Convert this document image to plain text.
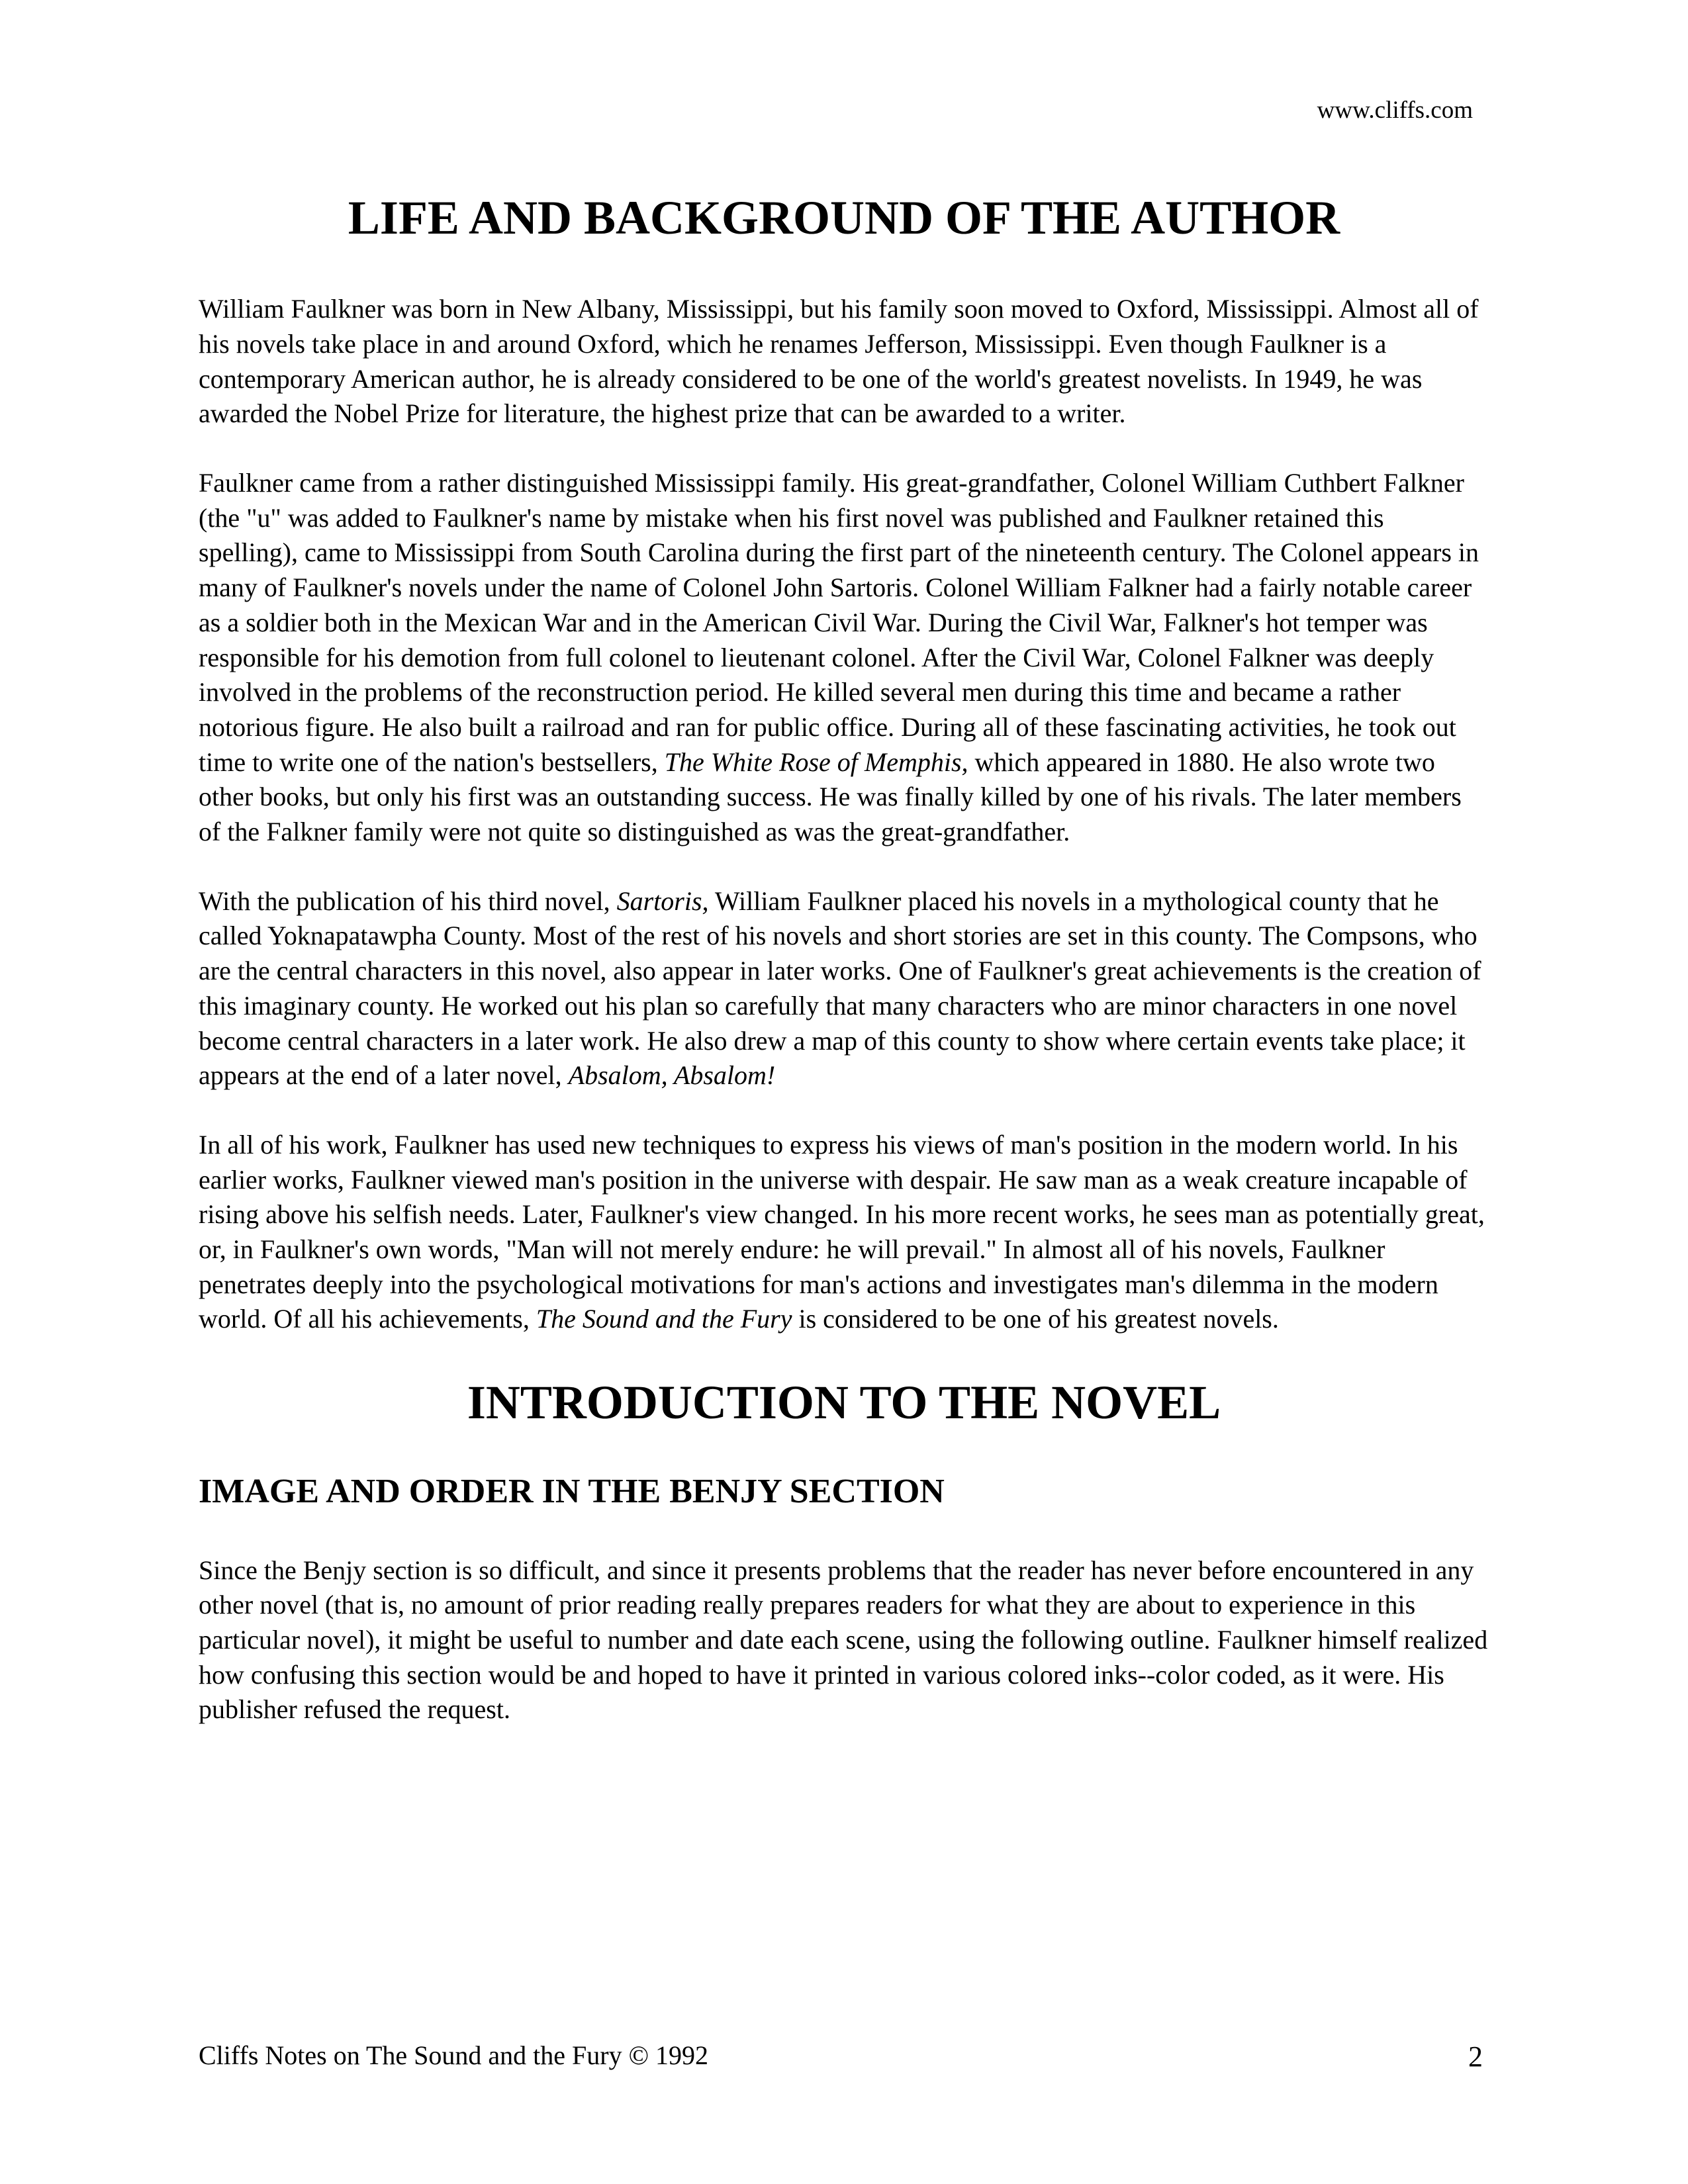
www.cliffs.com
LIFE AND BACKGROUND OF THE AUTHOR

William Faulkner was born in New Albany, Mississippi, but his family soon moved to Oxford, Mississippi. Almost all of his novels take place in and around Oxford, which he renames Jefferson, Mississippi. Even though Faulkner is a contemporary American author, he is already considered to be one of the world's greatest novelists. In 1949, he was awarded the Nobel Prize for literature, the highest prize that can be awarded to a writer.

Faulkner came from a rather distinguished Mississippi family. His great-grandfather, Colonel William Cuthbert Falkner (the "u" was added to Faulkner's name by mistake when his first novel was published and Faulkner retained this spelling), came to Mississippi from South Carolina during the first part of the nineteenth century. The Colonel appears in many of Faulkner's novels under the name of Colonel John Sartoris. Colonel William Falkner had a fairly notable career as a soldier both in the Mexican War and in the American Civil War. During the Civil War, Falkner's hot temper was responsible for his demotion from full colonel to lieutenant colonel. After the Civil War, Colonel Falkner was deeply involved in the problems of the reconstruction period. He killed several men during this time and became a rather notorious figure. He also built a railroad and ran for public office. During all of these fascinating activities, he took out time to write one of the nation's bestsellers, The White Rose of Memphis, which appeared in 1880. He also wrote two other books, but only his first was an outstanding success. He was finally killed by one of his rivals. The later members of the Falkner family were not quite so distinguished as was the great-grandfather.

With the publication of his third novel, Sartoris, William Faulkner placed his novels in a mythological county that he called Yoknapatawpha County. Most of the rest of his novels and short stories are set in this county. The Compsons, who are the central characters in this novel, also appear in later works. One of Faulkner's great achievements is the creation of this imaginary county. He worked out his plan so carefully that many characters who are minor characters in one novel become central characters in a later work. He also drew a map of this county to show where certain events take place; it appears at the end of a later novel, Absalom, Absalom!

In all of his work, Faulkner has used new techniques to express his views of man's position in the modern world. In his earlier works, Faulkner viewed man's position in the universe with despair. He saw man as a weak creature incapable of rising above his selfish needs. Later, Faulkner's view changed. In his more recent works, he sees man as potentially great, or, in Faulkner's own words, "Man will not merely endure: he will prevail." In almost all of his novels, Faulkner penetrates deeply into the psychological motivations for man's actions and investigates man's dilemma in the modern world. Of all his achievements, The Sound and the Fury is considered to be one of his greatest novels.

INTRODUCTION TO THE NOVEL
IMAGE AND ORDER IN THE BENJY SECTION

Since the Benjy section is so difficult, and since it presents problems that the reader has never before encountered in any other novel (that is, no amount of prior reading really prepares readers for what they are about to experience in this particular novel), it might be useful to number and date each scene, using the following outline. Faulkner himself realized how confusing this section would be and hoped to have it printed in various colored inks--color coded, as it were. His publisher refused the request.

Cliffs Notes on The Sound and the Fury © 1992	2
